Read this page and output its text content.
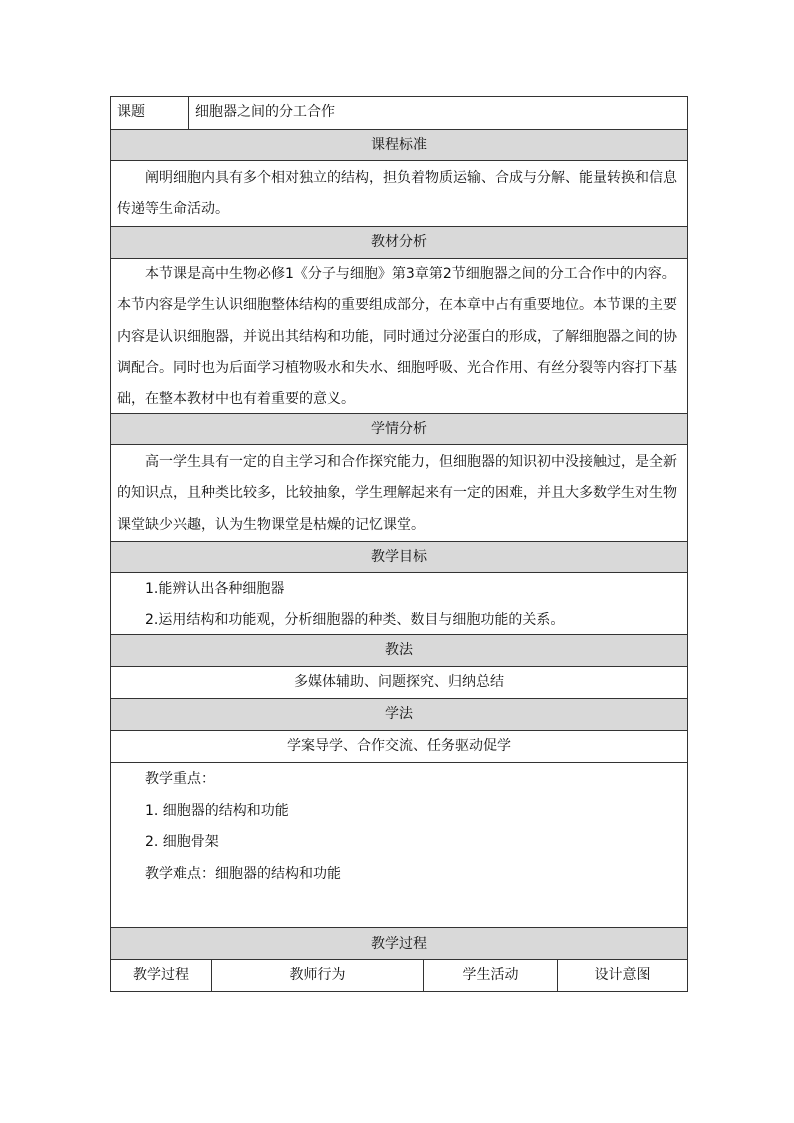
课题	细胞器之间的分工合作
课程标准
阐明细胞内具有多个相对独立的结构，担负着物质运输、合成与分解、能量转换和信息传递等生命活动。
教材分析
本节课是高中生物必修1《分子与细胞》第3章第2节细胞器之间的分工合作中的内容。本节内容是学生认识细胞整体结构的重要组成部分，在本章中占有重要地位。本节课的主要内容是认识细胞器，并说出其结构和功能，同时通过分泌蛋白的形成，了解细胞器之间的协调配合。同时也为后面学习植物吸水和失水、细胞呼吸、光合作用、有丝分裂等内容打下基础，在整本教材中也有着重要的意义。
学情分析
高一学生具有一定的自主学习和合作探究能力，但细胞器的知识初中没接触过，是全新的知识点，且种类比较多，比较抽象，学生理解起来有一定的困难，并且大多数学生对生物课堂缺少兴趣，认为生物课堂是枯燥的记忆课堂。
教学目标
1.能辨认出各种细胞器
2.运用结构和功能观，分析细胞器的种类、数目与细胞功能的关系。
教法
多媒体辅助、问题探究、归纳总结
学法
学案导学、合作交流、任务驱动促学
教学重点：
1. 细胞器的结构和功能
2. 细胞骨架
教学难点：细胞器的结构和功能
教学过程
教学过程	教师行为	学生活动	设计意图
